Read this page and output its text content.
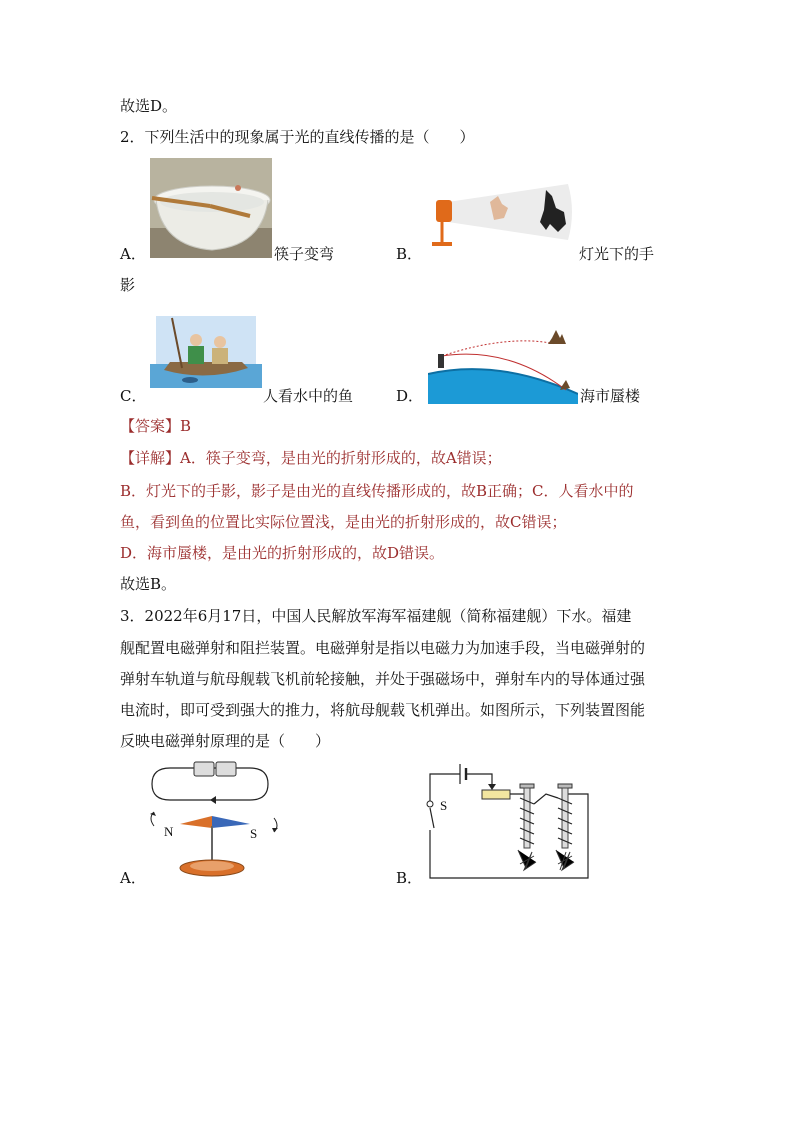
故选D。
2．下列生活中的现象属于光的直线传播的是（　　）
A．	筷子变弯	B．	灯光下的手
影
C．	人看水中的鱼	D．	海市蜃楼
【答案】B
【详解】A．筷子变弯，是由光的折射形成的，故A错误；
B．灯光下的手影，影子是由光的直线传播形成的，故B正确；C．人看水中的
鱼，看到鱼的位置比实际位置浅，是由光的折射形成的，故C错误；
D．海市蜃楼，是由光的折射形成的，故D错误。
故选B。
3．2022年6月17日，中国人民解放军海军福建舰（简称福建舰）下水。福建
舰配置电磁弹射和阻拦装置。电磁弹射是指以电磁力为加速手段，当电磁弹射的
弹射车轨道与航母舰载飞机前轮接触，并处于强磁场中，弹射车内的导体通过强
电流时，即可受到强大的推力，将航母舰载飞机弹出。如图所示，下列装置图能
反映电磁弹射原理的是（　　）
N	S
A．
S
B．
